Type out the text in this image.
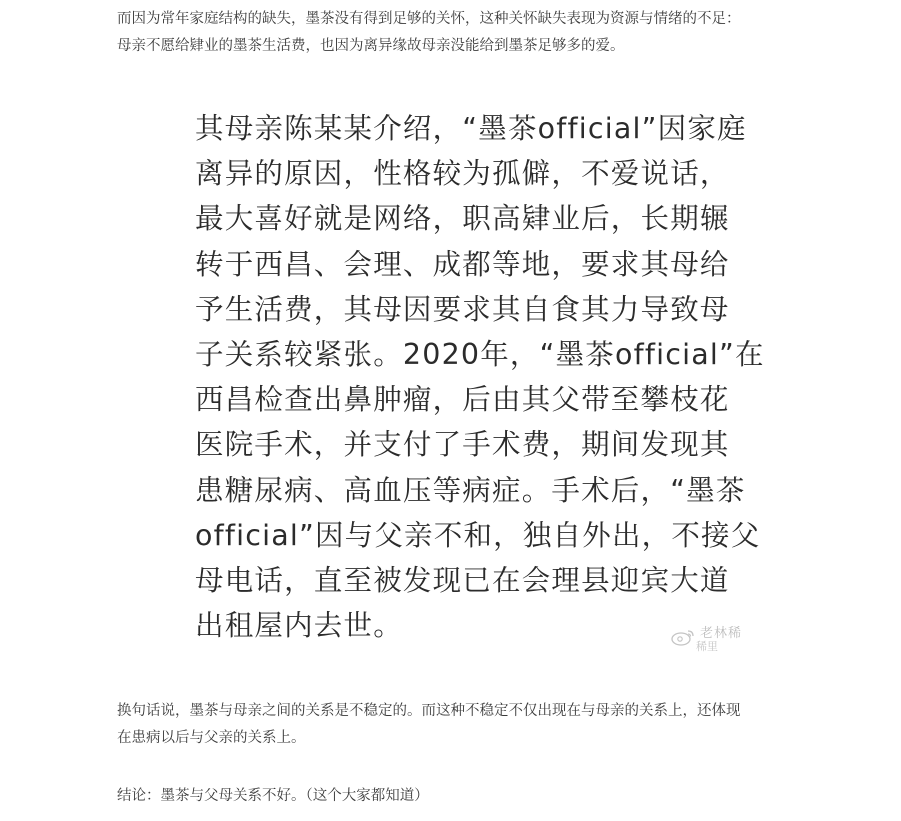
而因为常年家庭结构的缺失，墨茶没有得到足够的关怀，这种关怀缺失表现为资源与情绪的不足：
母亲不愿给肄业的墨茶生活费，也因为离异缘故母亲没能给到墨茶足够多的爱。

其母亲陈某某介绍，“墨茶official”因家庭
离异的原因，性格较为孤僻，不爱说话，
最大喜好就是网络，职高肄业后，长期辗
转于西昌、会理、成都等地，要求其母给
予生活费，其母因要求其自食其力导致母
子关系较紧张。2020年，“墨茶official”在
西昌检查出鼻肿瘤，后由其父带至攀枝花
医院手术，并支付了手术费，期间发现其
患糖尿病、高血压等病症。手术后，“墨茶
official”因与父亲不和，独自外出，不接父
母电话，直至被发现已在会理县迎宾大道
出租屋内去世。	老林稀
稀里

换句话说，墨茶与母亲之间的关系是不稳定的。而这种不稳定不仅出现在与母亲的关系上，还体现
在患病以后与父亲的关系上。

结论：墨茶与父母关系不好。（这个大家都知道）
